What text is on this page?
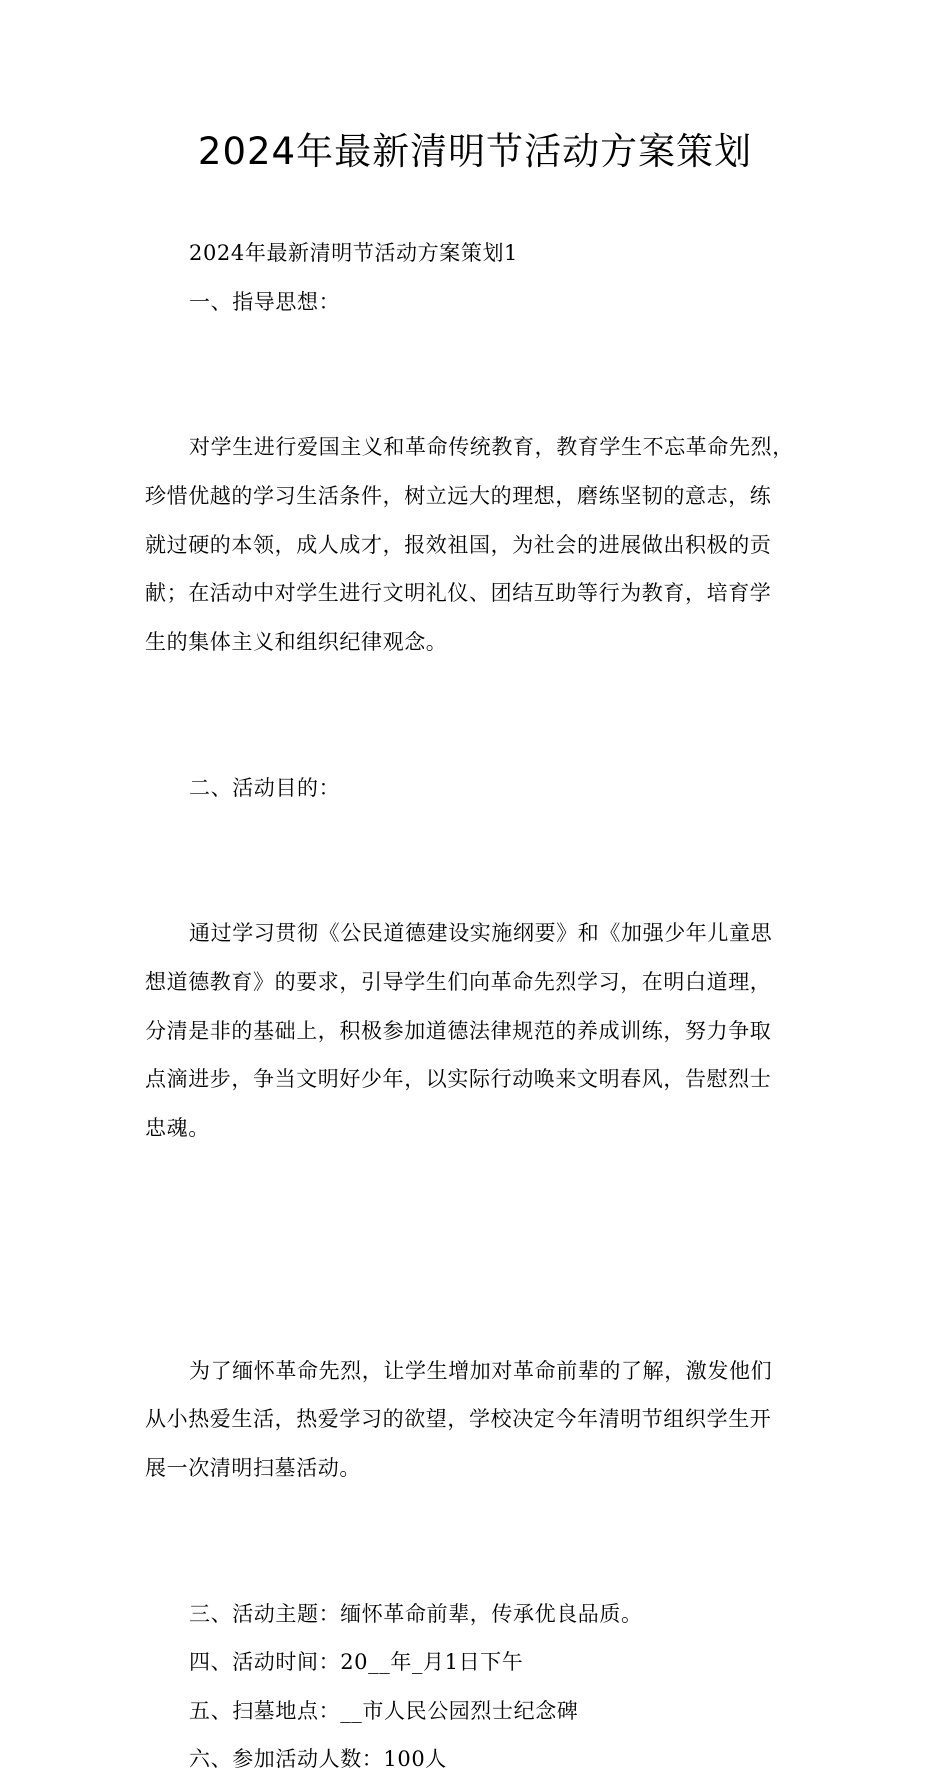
2024年最新清明节活动方案策划

2024年最新清明节活动方案策划1

一、指导思想：

对学生进行爱国主义和革命传统教育，教育学生不忘革命先烈，
珍惜优越的学习生活条件，树立远大的理想，磨练坚韧的意志，练
就过硬的本领，成人成才，报效祖国，为社会的进展做出积极的贡
献；在活动中对学生进行文明礼仪、团结互助等行为教育，培育学
生的集体主义和组织纪律观念。

二、活动目的：

通过学习贯彻《公民道德建设实施纲要》和《加强少年儿童思
想道德教育》的要求，引导学生们向革命先烈学习，在明白道理，
分清是非的基础上，积极参加道德法律规范的养成训练，努力争取
点滴进步，争当文明好少年，以实际行动唤来文明春风，告慰烈士
忠魂。

为了缅怀革命先烈，让学生增加对革命前辈的了解，激发他们
从小热爱生活，热爱学习的欲望，学校决定今年清明节组织学生开
展一次清明扫墓活动。

三、活动主题：缅怀革命前辈，传承优良品质。

四、活动时间：20__年_月1日下午

五、扫墓地点：__市人民公园烈士纪念碑

六、参加活动人数：100人
